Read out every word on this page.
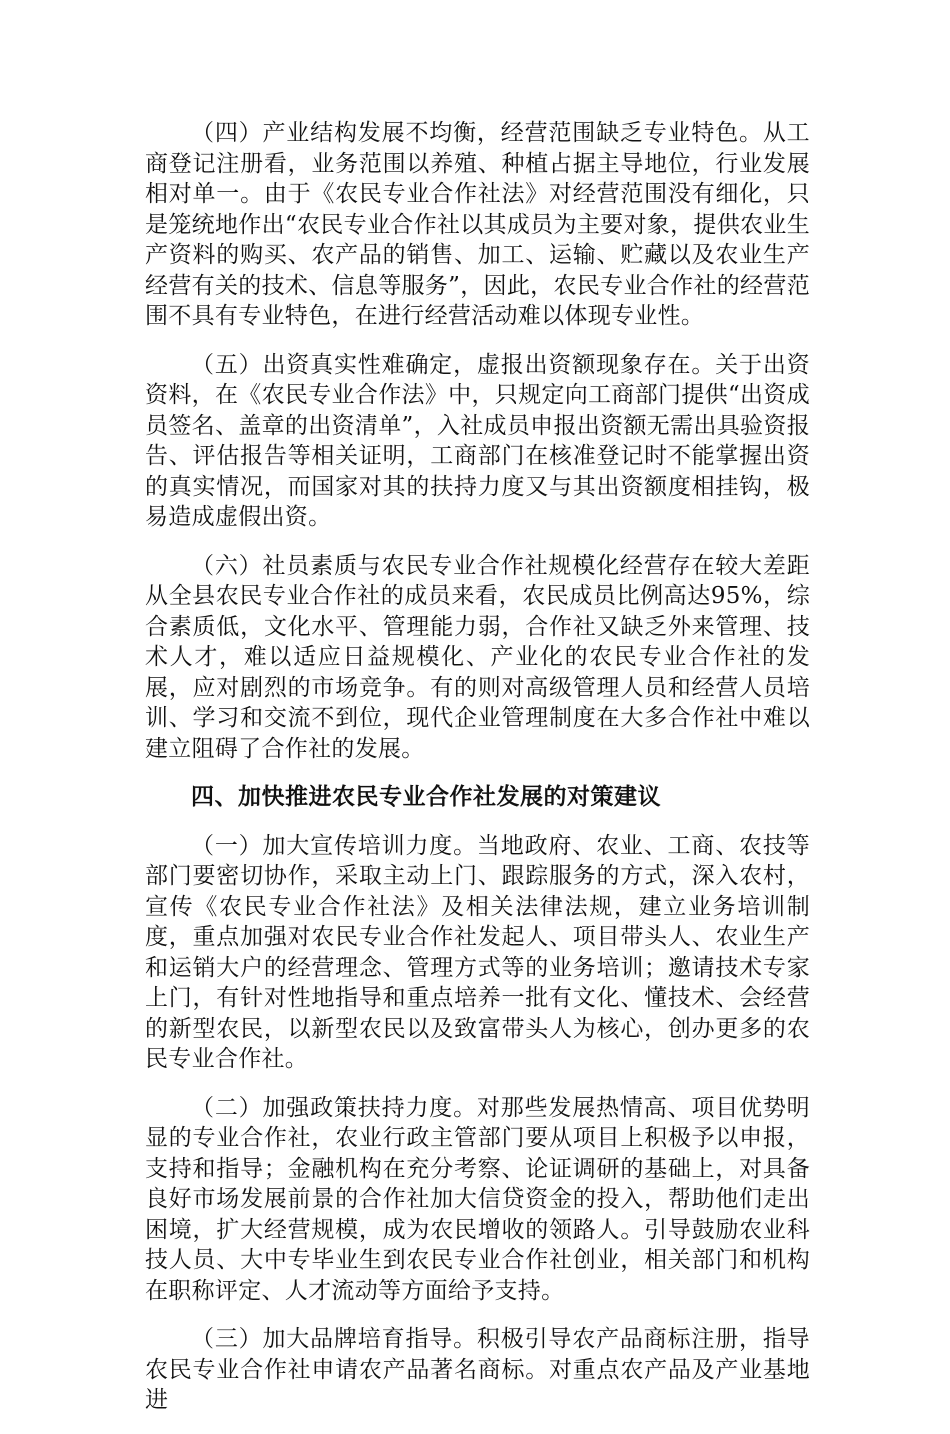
（四）产业结构发展不均衡，经营范围缺乏专业特色。从工商登记注册看，业务范围以养殖、种植占据主导地位，行业发展相对单一。由于《农民专业合作社法》对经营范围没有细化，只是笼统地作出“农民专业合作社以其成员为主要对象，提供农业生产资料的购买、农产品的销售、加工、运输、贮藏以及农业生产经营有关的技术、信息等服务”，因此，农民专业合作社的经营范围不具有专业特色，在进行经营活动难以体现专业性。

（五）出资真实性难确定，虚报出资额现象存在。关于出资资料，在《农民专业合作法》中，只规定向工商部门提供“出资成员签名、盖章的出资清单”，入社成员申报出资额无需出具验资报告、评估报告等相关证明，工商部门在核准登记时不能掌握出资的真实情况，而国家对其的扶持力度又与其出资额度相挂钩，极易造成虚假出资。

（六）社员素质与农民专业合作社规模化经营存在较大差距从全县农民专业合作社的成员来看，农民成员比例高达95%，综合素质低，文化水平、管理能力弱，合作社又缺乏外来管理、技术人才，难以适应日益规模化、产业化的农民专业合作社的发展，应对剧烈的市场竞争。有的则对高级管理人员和经营人员培训、学习和交流不到位，现代企业管理制度在大多合作社中难以建立阻碍了合作社的发展。

四、加快推进农民专业合作社发展的对策建议

（一）加大宣传培训力度。当地政府、农业、工商、农技等部门要密切协作，采取主动上门、跟踪服务的方式，深入农村，宣传《农民专业合作社法》及相关法律法规，建立业务培训制度，重点加强对农民专业合作社发起人、项目带头人、农业生产和运销大户的经营理念、管理方式等的业务培训；邀请技术专家上门，有针对性地指导和重点培养一批有文化、懂技术、会经营的新型农民，以新型农民以及致富带头人为核心，创办更多的农民专业合作社。

（二）加强政策扶持力度。对那些发展热情高、项目优势明显的专业合作社，农业行政主管部门要从项目上积极予以申报，支持和指导；金融机构在充分考察、论证调研的基础上，对具备良好市场发展前景的合作社加大信贷资金的投入，帮助他们走出困境，扩大经营规模，成为农民增收的领路人。引导鼓励农业科技人员、大中专毕业生到农民专业合作社创业，相关部门和机构在职称评定、人才流动等方面给予支持。

（三）加大品牌培育指导。积极引导农产品商标注册，指导农民专业合作社申请农产品著名商标。对重点农产品及产业基地进
